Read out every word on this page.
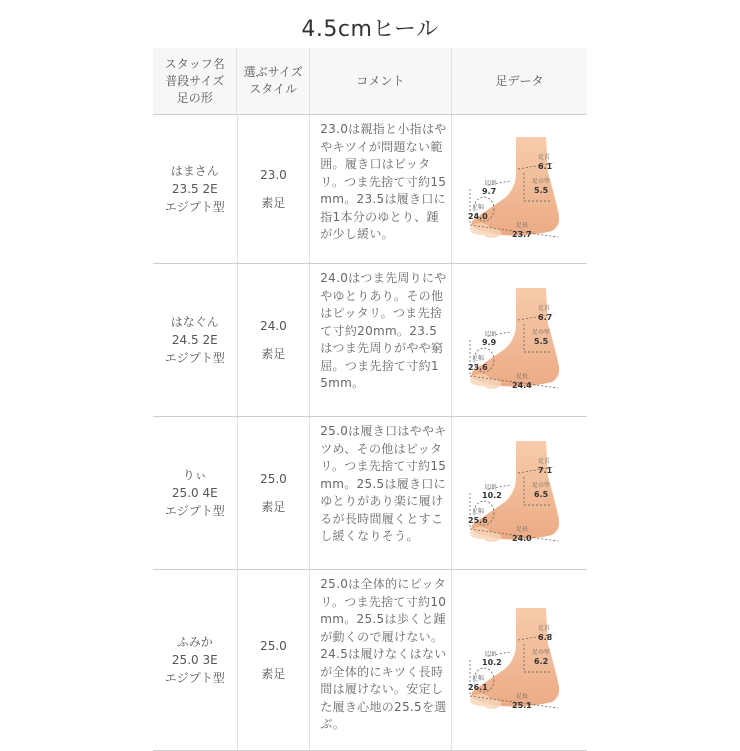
4.5cmヒール
スタッフ名
普段サイズ
足の形
選ぶサイズ
スタイル
コメント	足データ
はまさん
23.5 2E
エジプト型
23.0
素足
23.0は親指と小指はややキツイが問題ない範囲。履き口はピッタリ。つま先捨て寸約15mm。23.5は履き口に指1本分のゆとり、踵が少し緩い。
足囲
9.7
足首
6.1
足の甲
5.5
足幅
24.0
足長
23.7
はなぐん
24.5 2E
エジプト型
24.0
素足
24.0はつま先周りにややゆとりあり。その他はピッタリ。つま先捨て寸約20mm。23.5はつま先周りがやや窮屈。つま先捨て寸約15mm。
足囲
9.9
足首
6.7
足の甲
5.5
足幅
23.6
足長
24.4
りぃ
25.0 4E
エジプト型
25.0
素足
25.0は履き口はややキツめ、その他はピッタリ。つま先捨て寸約15mm。25.5は履き口にゆとりがあり楽に履けるが長時間履くとすこし緩くなりそう。
足囲
10.2
足首
7.1
足の甲
6.5
足幅
25.6
足長
24.0
ふみか
25.0 3E
エジプト型
25.0
素足
25.0は全体的にピッタリ。つま先捨て寸約10mm。25.5は歩くと踵が動くので履けない。24.5は履けなくはないが全体的にキツく長時間は履けない。安定した履き心地の25.5を選ぶ。
足囲
10.2
足首
6.8
足の甲
6.2
足幅
26.1
足長
25.1
